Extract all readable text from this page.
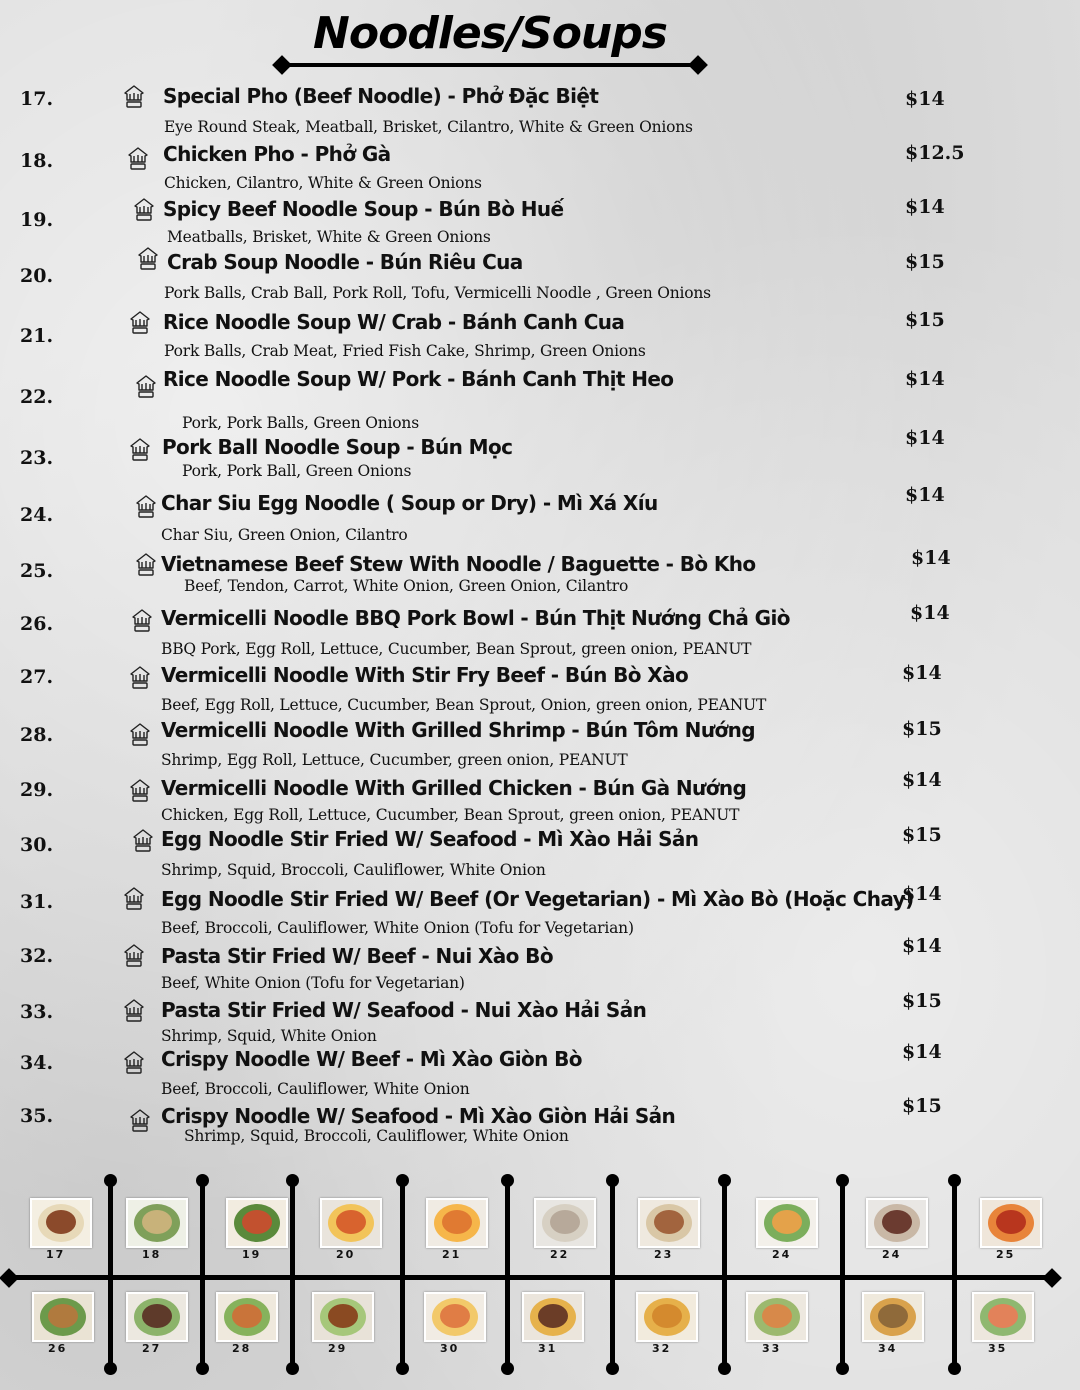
Noodles/Soups
17.	Special Pho (Beef Noodle) - Phở Đặc Biệt
Eye Round Steak, Meatball, Brisket, Cilantro, White & Green Onions
$14
18.	Chicken Pho - Phở Gà
Chicken, Cilantro, White & Green Onions
$12.5
19.	Spicy Beef Noodle Soup - Bún Bò Huế
Meatballs, Brisket, White & Green Onions
$14
20.
Crab Soup Noodle - Bún Riêu Cua
Pork Balls, Crab Ball, Pork Roll, Tofu, Vermicelli Noodle , Green Onions
$15
21.
Rice Noodle Soup W/ Crab - Bánh Canh Cua
Pork Balls, Crab Meat, Fried Fish Cake, Shrimp, Green Onions
$15
22.
Rice Noodle Soup W/ Pork - Bánh Canh Thịt Heo
Pork, Pork Balls, Green Onions
$14
23.	Pork Ball Noodle Soup - Bún Mọc
Pork, Pork Ball, Green Onions
$14
24.	Char Siu Egg Noodle ( Soup or Dry) - Mì Xá Xíu
Char Siu, Green Onion, Cilantro
$14
25.	Vietnamese Beef Stew With Noodle / Baguette - Bò Kho
Beef, Tendon, Carrot, White Onion, Green Onion, Cilantro
$14
26.	Vermicelli Noodle BBQ Pork Bowl - Bún Thịt Nướng Chả Giò
BBQ Pork, Egg Roll, Lettuce, Cucumber, Bean Sprout, green onion, PEANUT
$14
27.	Vermicelli Noodle With Stir Fry Beef - Bún Bò Xào
Beef, Egg Roll, Lettuce, Cucumber, Bean Sprout, Onion, green onion, PEANUT
$14
28.	Vermicelli Noodle With Grilled Shrimp - Bún Tôm Nướng
Shrimp, Egg Roll, Lettuce, Cucumber, green onion, PEANUT
$15
29.	Vermicelli Noodle With Grilled Chicken - Bún Gà Nướng
Chicken, Egg Roll, Lettuce, Cucumber, Bean Sprout, green onion, PEANUT
$14
30.	Egg Noodle Stir Fried W/ Seafood - Mì Xào Hải Sản
Shrimp, Squid, Broccoli, Cauliflower, White Onion
$15
31.	Egg Noodle Stir Fried W/ Beef (Or Vegetarian) - Mì Xào Bò (Hoặc Chay)
Beef, Broccoli, Cauliflower, White Onion (Tofu for Vegetarian)
$14
32.	Pasta Stir Fried W/ Beef - Nui Xào Bò
Beef, White Onion (Tofu for Vegetarian)
$14
33.	Pasta Stir Fried W/ Seafood - Nui Xào Hải Sản
Shrimp, Squid, White Onion
$15
34.	Crispy Noodle W/ Beef - Mì Xào Giòn Bò
Beef, Broccoli, Cauliflower, White Onion
$14
35.	Crispy Noodle W/ Seafood - Mì Xào Giòn Hải Sản
Shrimp, Squid, Broccoli, Cauliflower, White Onion
$15
17	18	19	20	21	22	23	24	24	25
26	27	28	29	30	31	32	33	34	35
